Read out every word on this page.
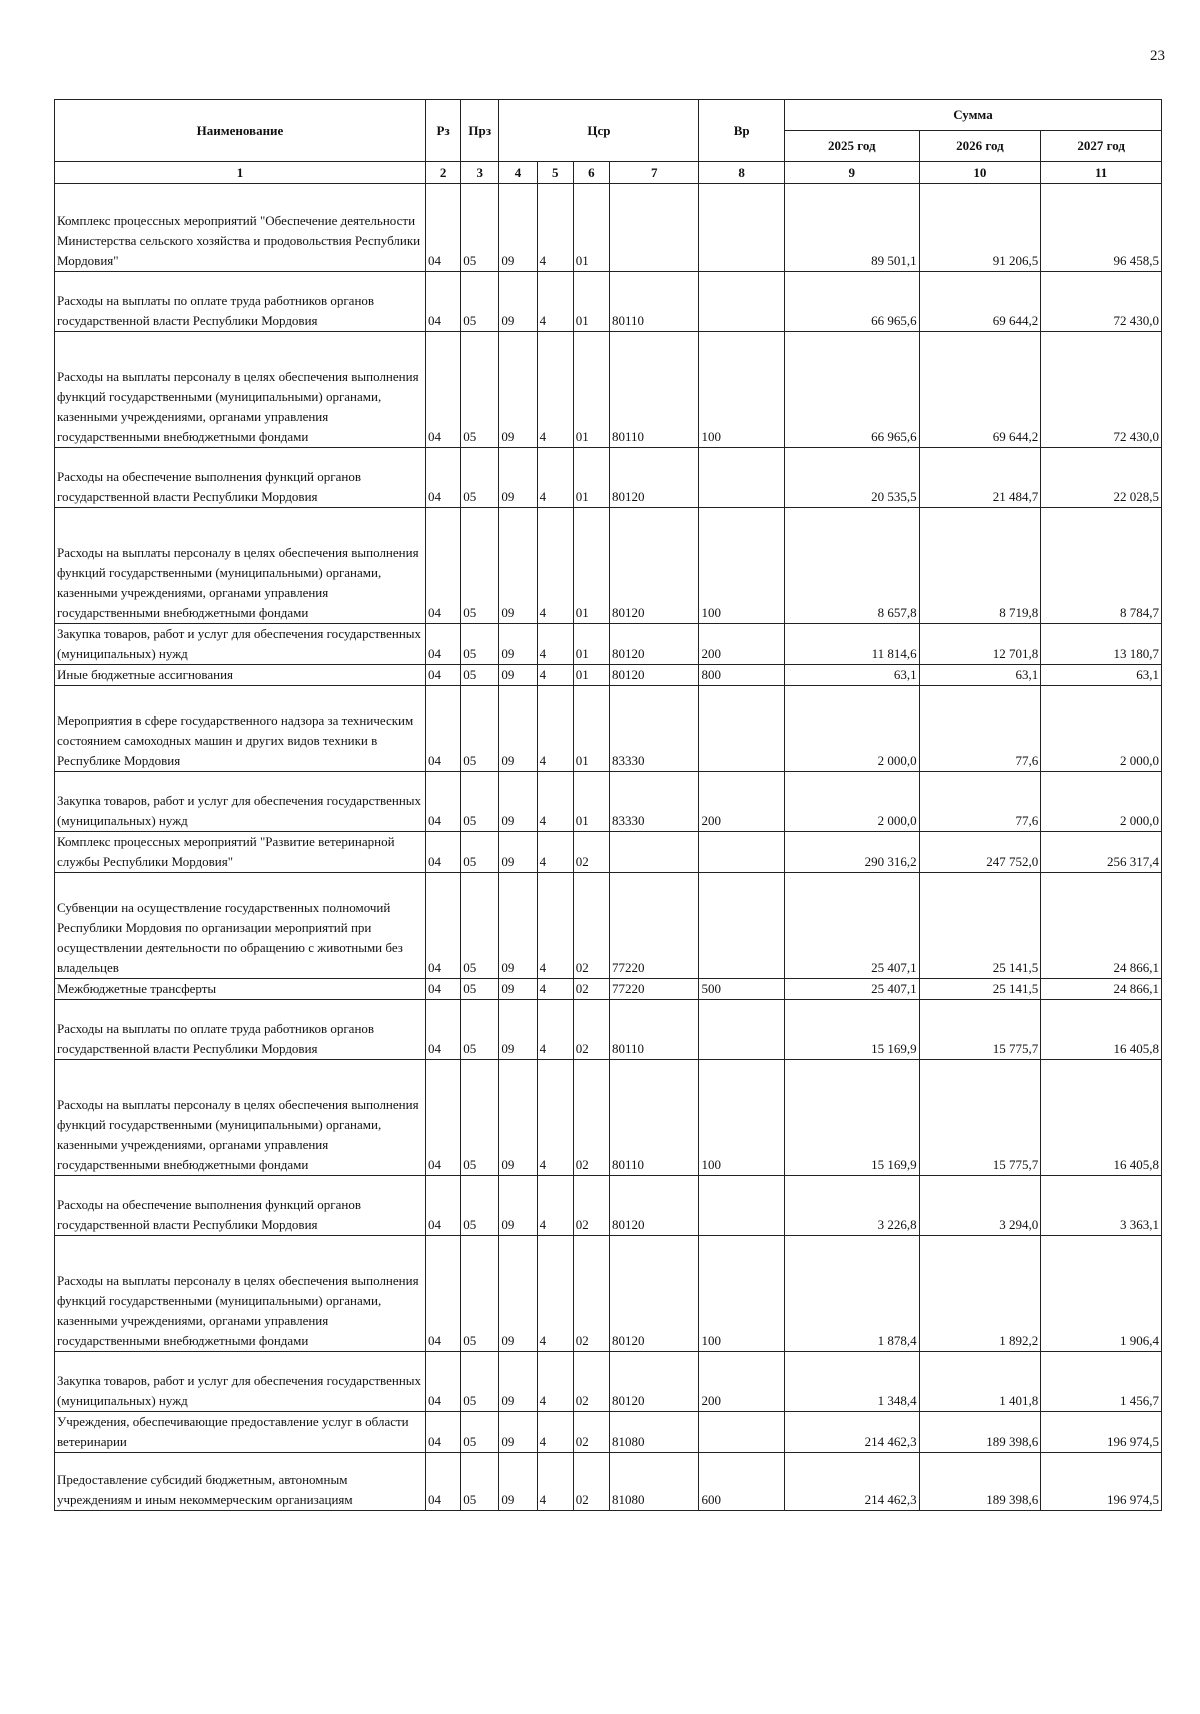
23
Наименование	Рз	Прз	Цср				Вр	Сумма		
								2025 год	2026 год	2027 год
1	2	3	4	5	6	7	8	9	10	11
Комплекс процессных мероприятий "Обеспечение деятельности Министерства сельского хозяйства и продовольствия Республики Мордовия"	04	05	09	4	01			89 501,1	91 206,5	96 458,5
Расходы на выплаты по оплате труда работников органов государственной власти Республики Мордовия	04	05	09	4	01	80110		66 965,6	69 644,2	72 430,0
Расходы на выплаты персоналу в целях обеспечения выполнения функций государственными (муниципальными) органами, казенными учреждениями, органами управления государственными внебюджетными фондами	04	05	09	4	01	80110	100	66 965,6	69 644,2	72 430,0
Расходы на обеспечение выполнения функций органов государственной власти Республики Мордовия	04	05	09	4	01	80120		20 535,5	21 484,7	22 028,5
Расходы на выплаты персоналу в целях обеспечения выполнения функций государственными (муниципальными) органами, казенными учреждениями, органами управления государственными внебюджетными фондами	04	05	09	4	01	80120	100	8 657,8	8 719,8	8 784,7
Закупка товаров, работ и услуг для обеспечения государственных (муниципальных) нужд	04	05	09	4	01	80120	200	11 814,6	12 701,8	13 180,7
Иные бюджетные ассигнования	04	05	09	4	01	80120	800	63,1	63,1	63,1
Мероприятия в сфере государственного надзора за техническим состоянием самоходных машин и других видов техники в Республике Мордовия	04	05	09	4	01	83330		2 000,0	77,6	2 000,0
Закупка товаров, работ и услуг для обеспечения государственных (муниципальных) нужд	04	05	09	4	01	83330	200	2 000,0	77,6	2 000,0
Комплекс процессных мероприятий "Развитие ветеринарной службы Республики Мордовия"	04	05	09	4	02			290 316,2	247 752,0	256 317,4
Субвенции на осуществление государственных полномочий Республики Мордовия по организации мероприятий при осуществлении деятельности по обращению с животными без владельцев	04	05	09	4	02	77220		25 407,1	25 141,5	24 866,1
Межбюджетные трансферты	04	05	09	4	02	77220	500	25 407,1	25 141,5	24 866,1
Расходы на выплаты по оплате труда работников органов государственной власти Республики Мордовия	04	05	09	4	02	80110		15 169,9	15 775,7	16 405,8
Расходы на выплаты персоналу в целях обеспечения выполнения функций государственными (муниципальными) органами, казенными учреждениями, органами управления государственными внебюджетными фондами	04	05	09	4	02	80110	100	15 169,9	15 775,7	16 405,8
Расходы на обеспечение выполнения функций органов государственной власти Республики Мордовия	04	05	09	4	02	80120		3 226,8	3 294,0	3 363,1
Расходы на выплаты персоналу в целях обеспечения выполнения функций государственными (муниципальными) органами, казенными учреждениями, органами управления государственными внебюджетными фондами	04	05	09	4	02	80120	100	1 878,4	1 892,2	1 906,4
Закупка товаров, работ и услуг для обеспечения государственных (муниципальных) нужд	04	05	09	4	02	80120	200	1 348,4	1 401,8	1 456,7
Учреждения, обеспечивающие предоставление услуг в области ветеринарии	04	05	09	4	02	81080		214 462,3	189 398,6	196 974,5
Предоставление субсидий бюджетным, автономным учреждениям и иным некоммерческим организациям	04	05	09	4	02	81080	600	214 462,3	189 398,6	196 974,5
